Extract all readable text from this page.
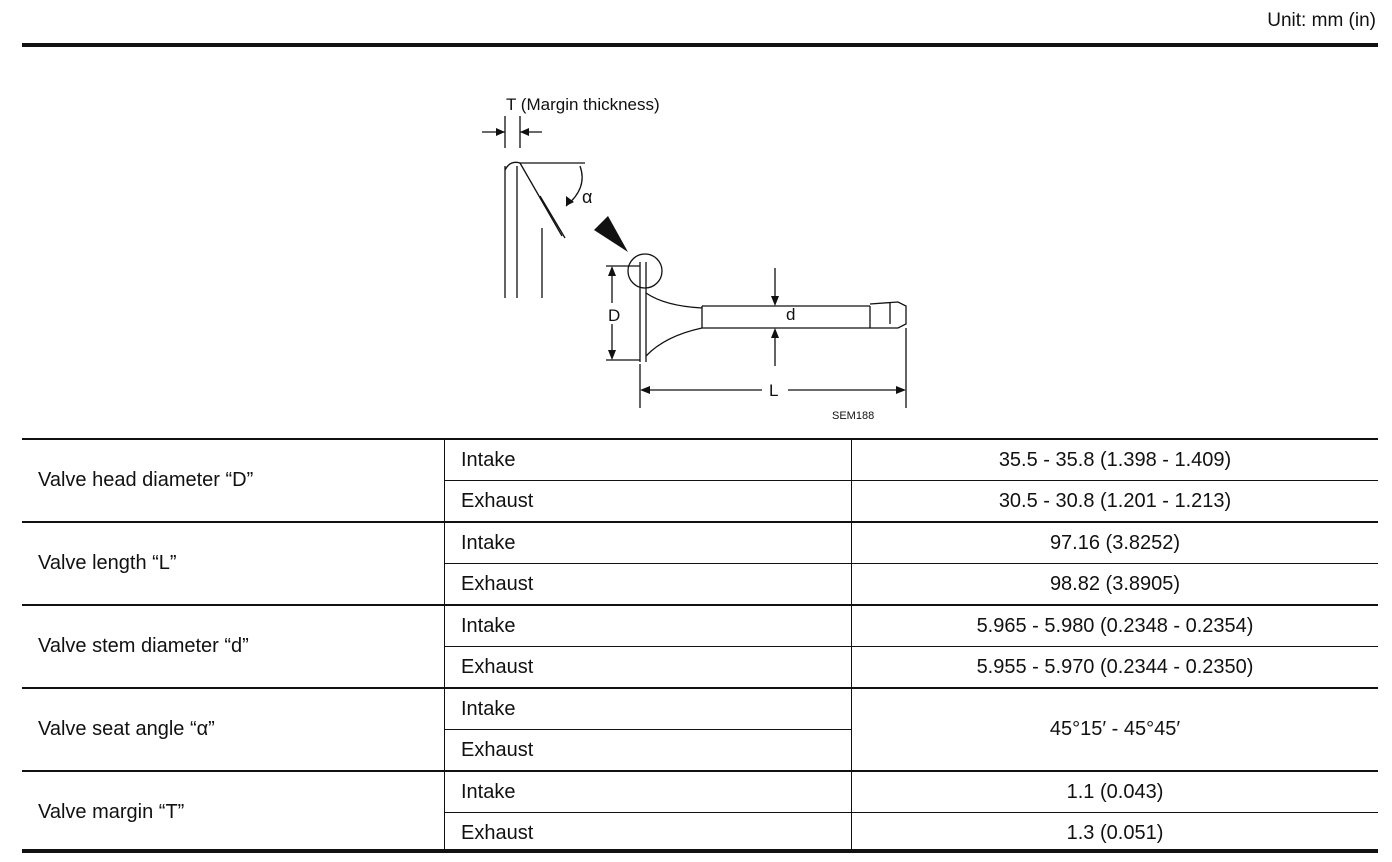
Unit: mm (in)
T (Margin thickness)
α
D	d
L
SEM188
Valve head diameter “D”	Intake	35.5 - 35.8 (1.398 - 1.409)
	Exhaust	30.5 - 30.8 (1.201 - 1.213)
Valve length “L”	Intake	97.16 (3.8252)
	Exhaust	98.82 (3.8905)
Valve stem diameter “d”	Intake	5.965 - 5.980 (0.2348 - 0.2354)
	Exhaust	5.955 - 5.970 (0.2344 - 0.2350)
Valve seat angle “α”	Intake	45°15′ - 45°45′
	Exhaust	
Valve margin “T”	Intake	1.1 (0.043)
	Exhaust	1.3 (0.051)
